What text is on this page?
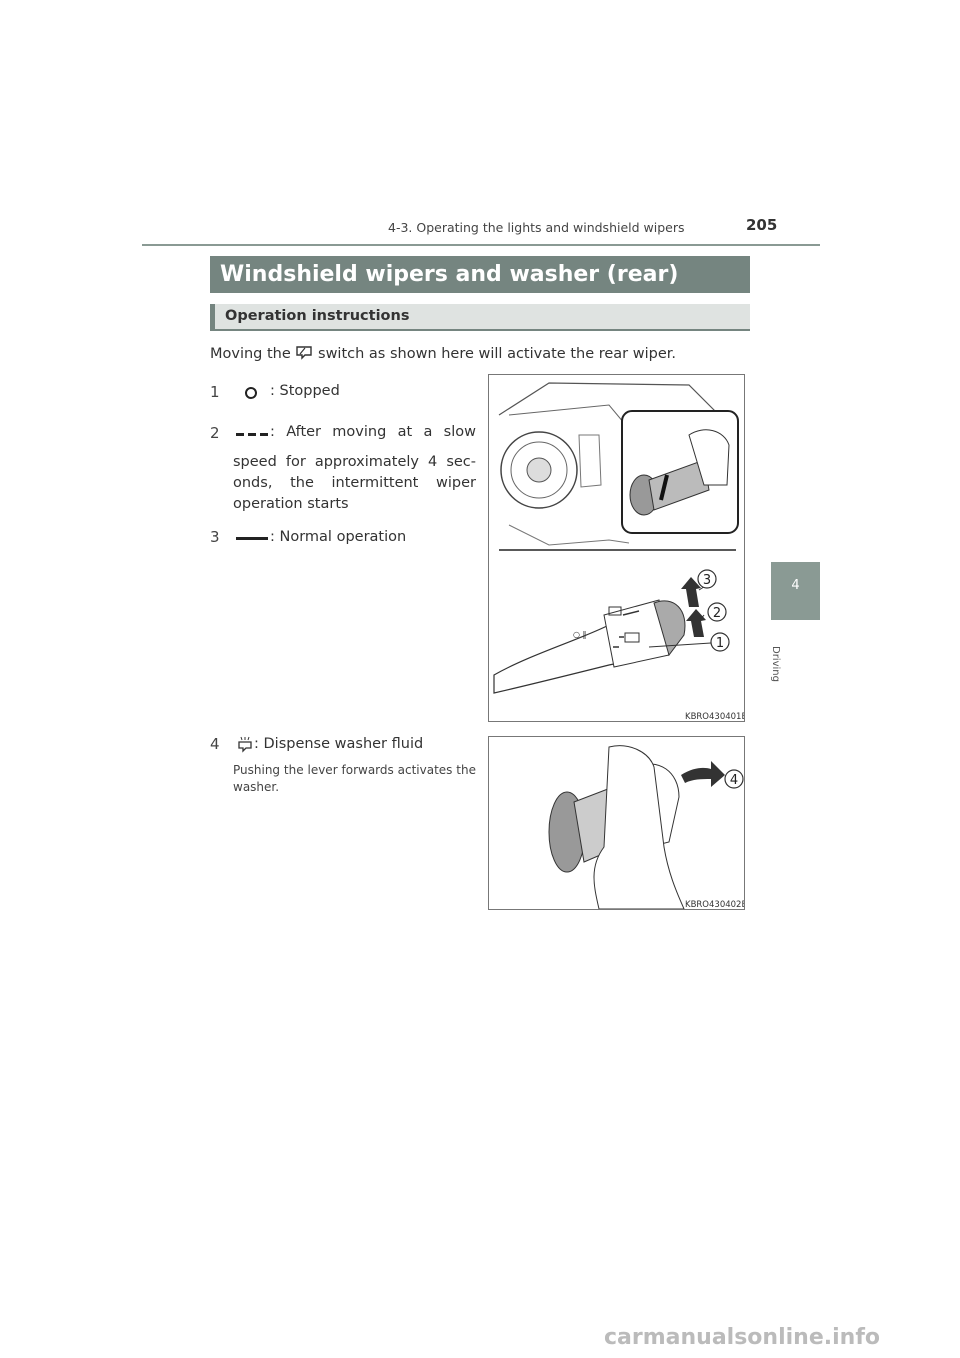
4-3. Operating the lights and windshield wipers	205
4
Driving
Windshield wipers and washer (rear)
Operation instructions
Moving the switch as shown here will activate the rear wiper.
1	: Stopped
2	: After moving at a slow
speed for approximately 4 sec-onds, the intermittent wiper operation starts
3	: Normal operation
4 : Dispense washer fluid
Pushing the lever forwards activates the washer.
○ ‖
3
2
1
KBRO430401E
4
KBRO430402E
carmanualsonline.info
